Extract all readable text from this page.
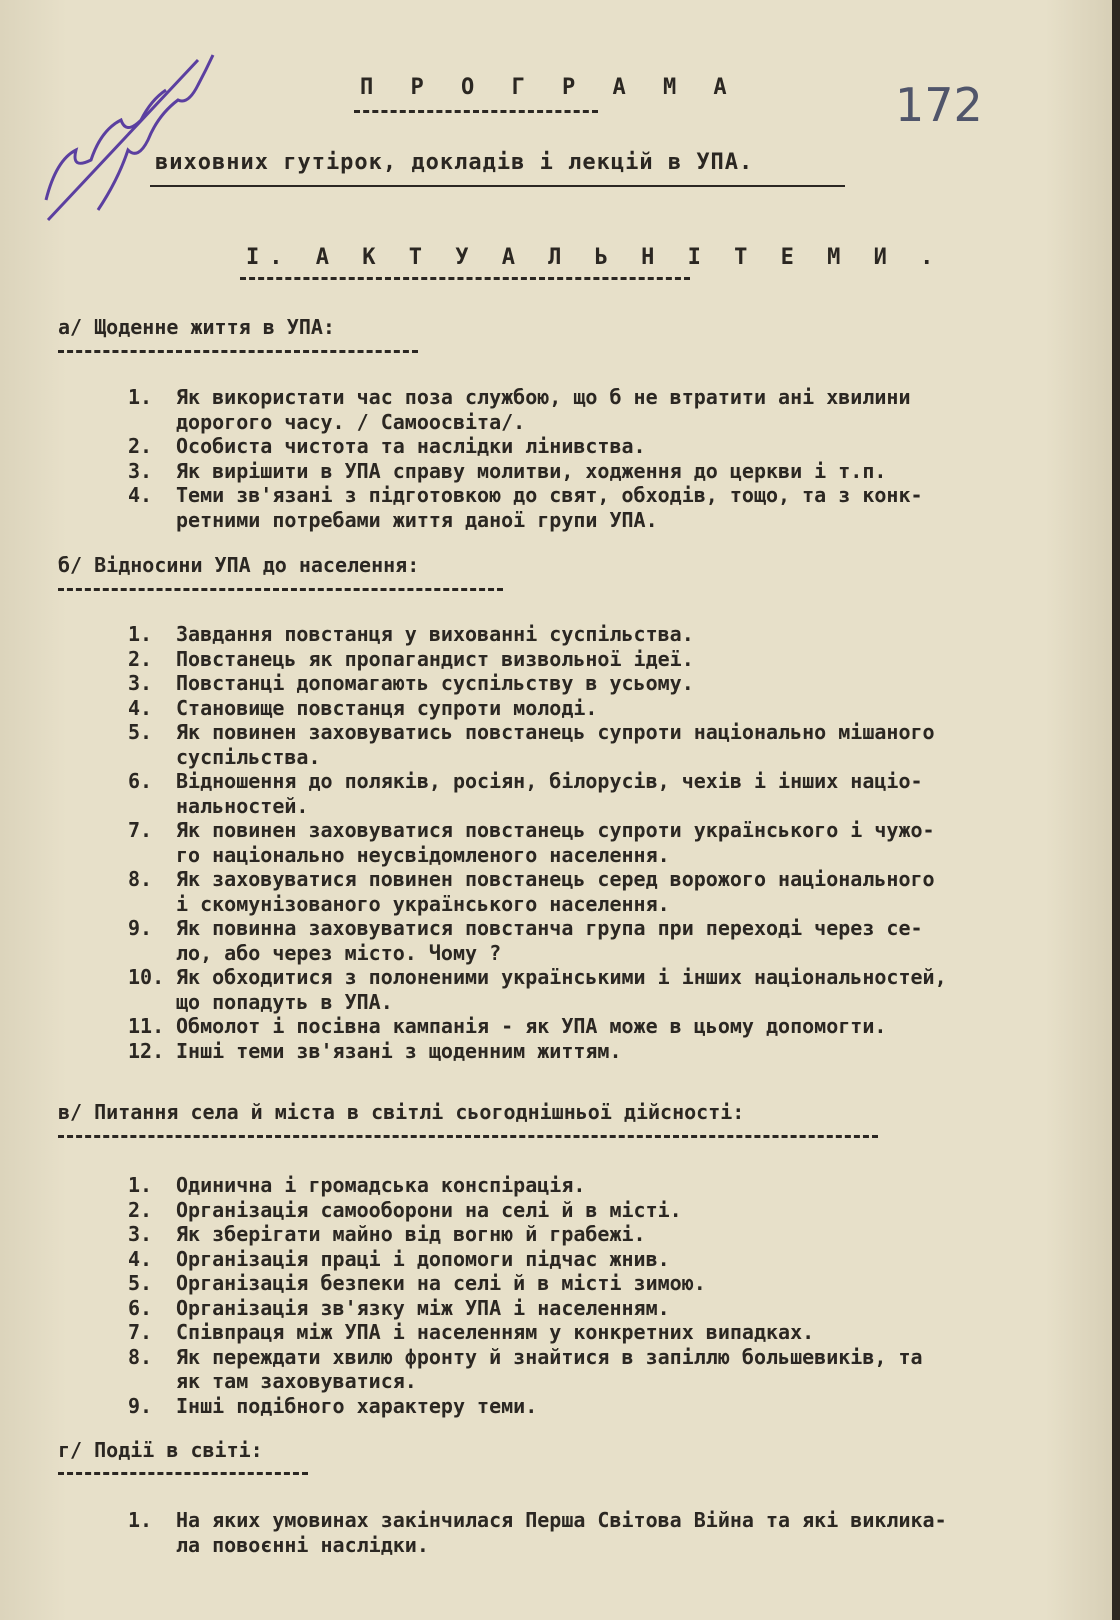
172
П Р О Г Р А М А
виховних гутірок, докладів і лекцій в УПА.
І. А К Т У А Л Ь Н І Т Е М И .
а/ Щоденне життя в УПА:
1.	Як використати час поза службою, що б не втратити ані хвилини
дорогого часу. / Самоосвіта/.
2.	Особиста чистота та наслідки лінивства.
3.	Як вирішити в УПА справу молитви, ходження до церкви і т.п.
4.	Теми зв'язані з підготовкою до свят, обходів, тощо, та з конк-
ретними потребами життя даної групи УПА.
б/ Відносини УПА до населення:
1.	Завдання повстанця у вихованні суспільства.
2.	Повстанець як пропагандист визвольної ідеї.
3.	Повстанці допомагають суспільству в усьому.
4.	Становище повстанця супроти молоді.
5.	Як повинен заховуватись повстанець супроти національно мішаного
суспільства.
6.	Відношення до поляків, росіян, білорусів, чехів і інших націо-
нальностей.
7.	Як повинен заховуватися повстанець супроти українського і чужо-
го національно неусвідомленого населення.
8.	Як заховуватися повинен повстанець серед ворожого національного
і скомунізованого українського населення.
9.	Як повинна заховуватися повстанча група при переході через се-
ло, або через місто. Чому ?
10. Як обходитися з полоненими українськими і інших національностей,
що попадуть в УПА.
11. Обмолот і посівна кампанія - як УПА може в цьому допомогти.
12. Інші теми зв'язані з щоденним життям.
в/ Питання села й міста в світлі сьогоднішньої дійсності:
1.	Одинична і громадська конспірація.
2.	Організація самооборони на селі й в місті.
3.	Як зберігати майно від вогню й грабежі.
4.	Організація праці і допомоги підчас жнив.
5.	Організація безпеки на селі й в місті зимою.
6.	Організація зв'язку між УПА і населенням.
7.	Співпраця між УПА і населенням у конкретних випадках.
8.	Як переждати хвилю фронту й знайтися в запіллю большевиків, та
як там заховуватися.
9.	Інші подібного характеру теми.
г/ Події в світі:
1.	На яких умовинах закінчилася Перша Світова Війна та які виклика-
ла повоєнні наслідки.
